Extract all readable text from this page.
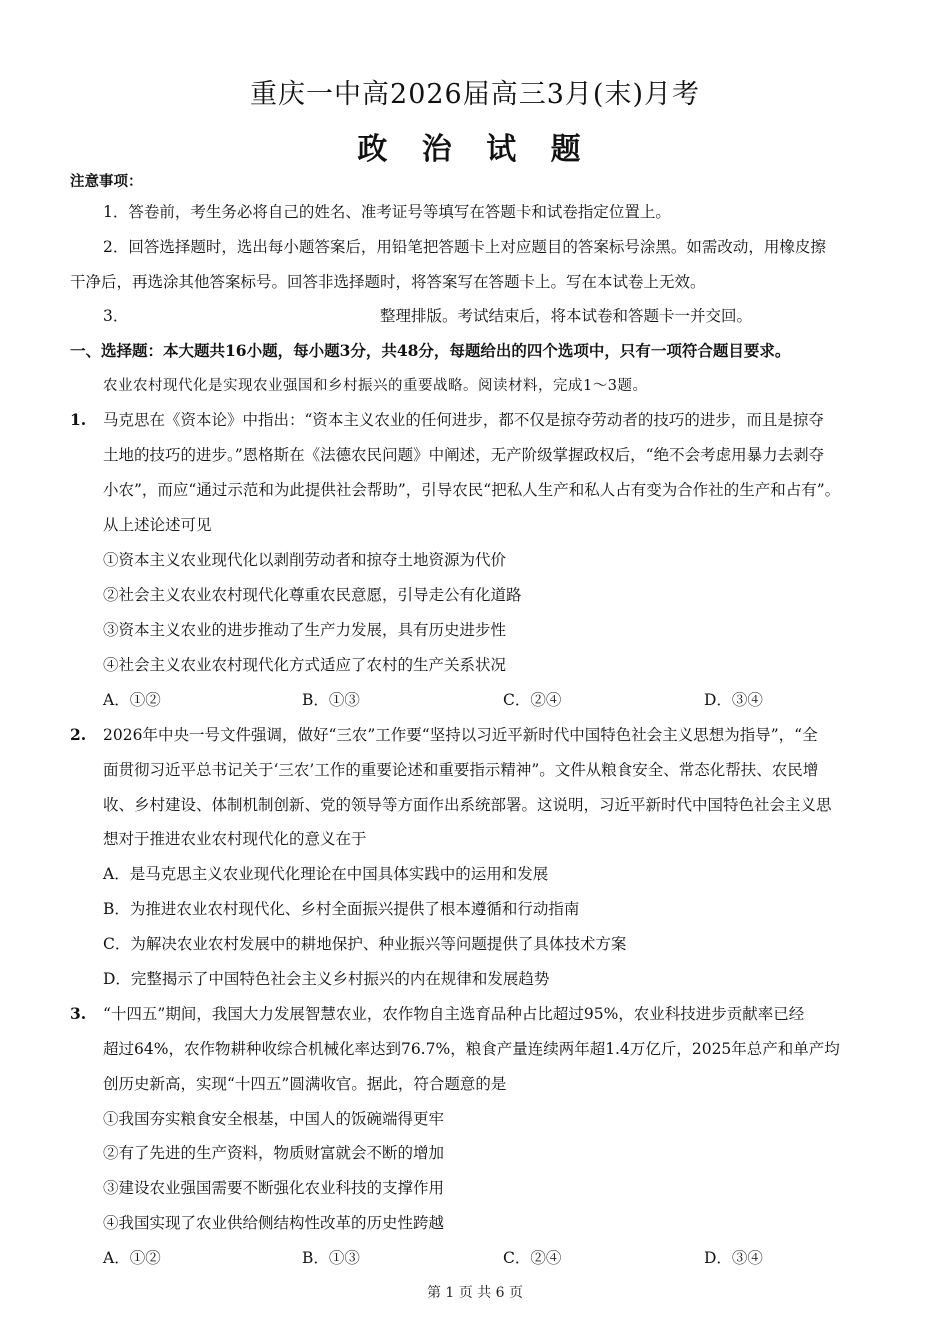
重庆一中高2026届高三3月(末)月考
政 治 试 题
注意事项：
1．答卷前，考生务必将自己的姓名、准考证号等填写在答题卡和试卷指定位置上。
2．回答选择题时，选出每小题答案后，用铅笔把答题卡上对应题目的答案标号涂黑。如需改动，用橡皮擦
干净后，再选涂其他答案标号。回答非选择题时，将答案写在答题卡上。写在本试卷上无效。
3．	整理排版。考试结束后，将本试卷和答题卡一并交回。
一、选择题：本大题共16小题，每小题3分，共48分，每题给出的四个选项中，只有一项符合题目要求。
农业农村现代化是实现农业强国和乡村振兴的重要战略。阅读材料，完成1～3题。
1. 马克思在《资本论》中指出：“资本主义农业的任何进步，都不仅是掠夺劳动者的技巧的进步，而且是掠夺
土地的技巧的进步。”恩格斯在《法德农民问题》中阐述，无产阶级掌握政权后，“绝不会考虑用暴力去剥夺
小农”，而应“通过示范和为此提供社会帮助”，引导农民“把私人生产和私人占有变为合作社的生产和占有”。
从上述论述可见
①资本主义农业现代化以剥削劳动者和掠夺土地资源为代价
②社会主义农业农村现代化尊重农民意愿，引导走公有化道路
③资本主义农业的进步推动了生产力发展，具有历史进步性
④社会主义农业农村现代化方式适应了农村的生产关系状况
A．①②	B．①③	C．②④	D．③④
2. 2026年中央一号文件强调，做好“三农”工作要“坚持以习近平新时代中国特色社会主义思想为指导”，“全
面贯彻习近平总书记关于‘三农’工作的重要论述和重要指示精神”。文件从粮食安全、常态化帮扶、农民增
收、乡村建设、体制机制创新、党的领导等方面作出系统部署。这说明，习近平新时代中国特色社会主义思
想对于推进农业农村现代化的意义在于
A．是马克思主义农业现代化理论在中国具体实践中的运用和发展
B．为推进农业农村现代化、乡村全面振兴提供了根本遵循和行动指南
C．为解决农业农村发展中的耕地保护、种业振兴等问题提供了具体技术方案
D．完整揭示了中国特色社会主义乡村振兴的内在规律和发展趋势
3. “十四五”期间，我国大力发展智慧农业，农作物自主选育品种占比超过95%，农业科技进步贡献率已经
超过64%，农作物耕种收综合机械化率达到76.7%，粮食产量连续两年超1.4万亿斤，2025年总产和单产均
创历史新高，实现“十四五”圆满收官。据此，符合题意的是
①我国夯实粮食安全根基，中国人的饭碗端得更牢
②有了先进的生产资料，物质财富就会不断的增加
③建设农业强国需要不断强化农业科技的支撑作用
④我国实现了农业供给侧结构性改革的历史性跨越
A．①②	B．①③	C．②④	D．③④
第 1 页 共 6 页
